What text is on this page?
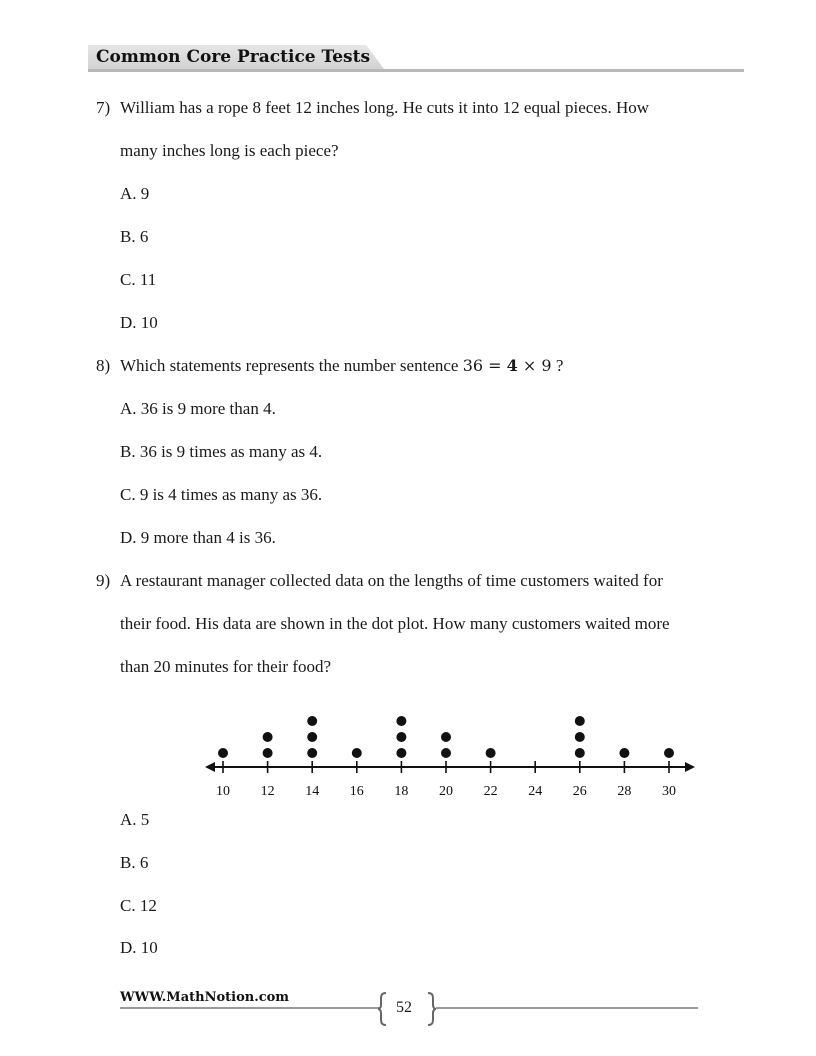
Common Core Practice Tests
7) William has a rope 8 feet 12 inches long. He cuts it into 12 equal pieces. How
many inches long is each piece?
A. 9
B. 6
C. 11
D. 10
8) Which statements represents the number sentence 36 = 4 × 9 ?
A. 36 is 9 more than 4.
B. 36 is 9 times as many as 4.
C. 9 is 4 times as many as 36.
D. 9 more than 4 is 36.
9) A restaurant manager collected data on the lengths of time customers waited for
their food. His data are shown in the dot plot. How many customers waited more
than 20 minutes for their food?
10 12 14 16 18 20 22 24 26 28 30
A. 5
B. 6
C. 12
D. 10
WWW.MathNotion.com
52
